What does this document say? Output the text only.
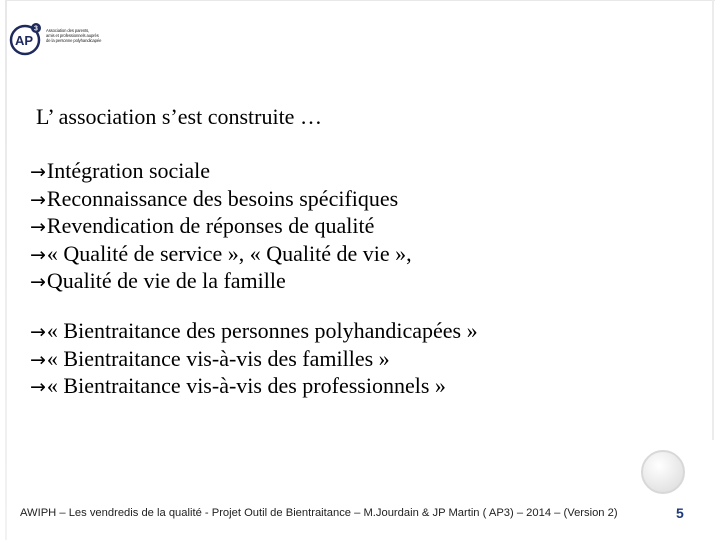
3
AP
Association des parents,
amis et professionnels auprès
de la personne polyhandicapée
L’ association s’est construite …
→Intégration sociale
→Reconnaissance des besoins spécifiques
→Revendication de réponses de qualité
→« Qualité de service », « Qualité de vie »,
→Qualité de vie de la famille
→« Bientraitance des personnes polyhandicapées »
→« Bientraitance vis-à-vis des familles »
→« Bientraitance vis-à-vis des professionnels »
AWIPH – Les vendredis de la qualité - Projet Outil de Bientraitance – M.Jourdain & JP Martin ( AP3) – 2014 – (Version 2)	5
